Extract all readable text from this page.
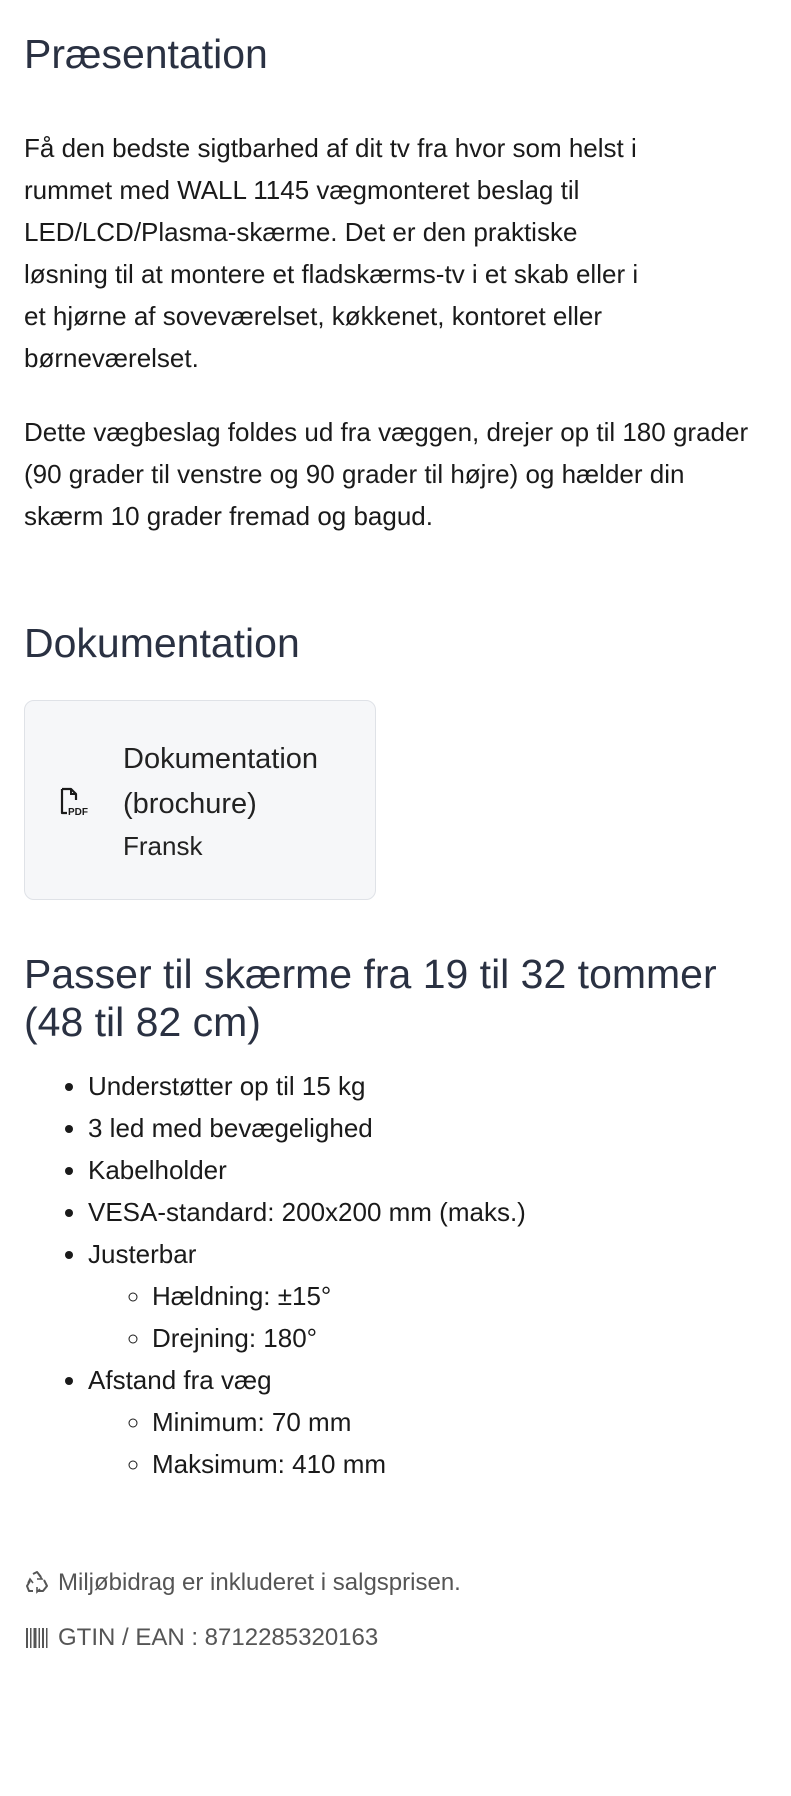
Præsentation

Få den bedste sigtbarhed af dit tv fra hvor som helst i rummet med WALL 1145 vægmonteret beslag til LED/LCD/Plasma-skærme. Det er den praktiske løsning til at montere et fladskærms-tv i et skab eller i et hjørne af soveværelset, køkkenet, kontoret eller børneværelset.

Dette vægbeslag foldes ud fra væggen, drejer op til 180 grader (90 grader til venstre og 90 grader til højre) og hælder din skærm 10 grader fremad og bagud.

Dokumentation
PDF
Dokumentation (brochure)
Fransk
Passer til skærme fra 19 til 32 tommer (48 til 82 cm)
• Understøtter op til 15 kg
• 3 led med bevægelighed
• Kabelholder
• VESA-standard: 200x200 mm (maks.)
• Justerbar
◦ Hældning: ±15°
◦ Drejning: 180°
• Afstand fra væg
◦ Minimum: 70 mm
◦ Maksimum: 410 mm
Miljøbidrag er inkluderet i salgsprisen.
GTIN / EAN : 8712285320163
